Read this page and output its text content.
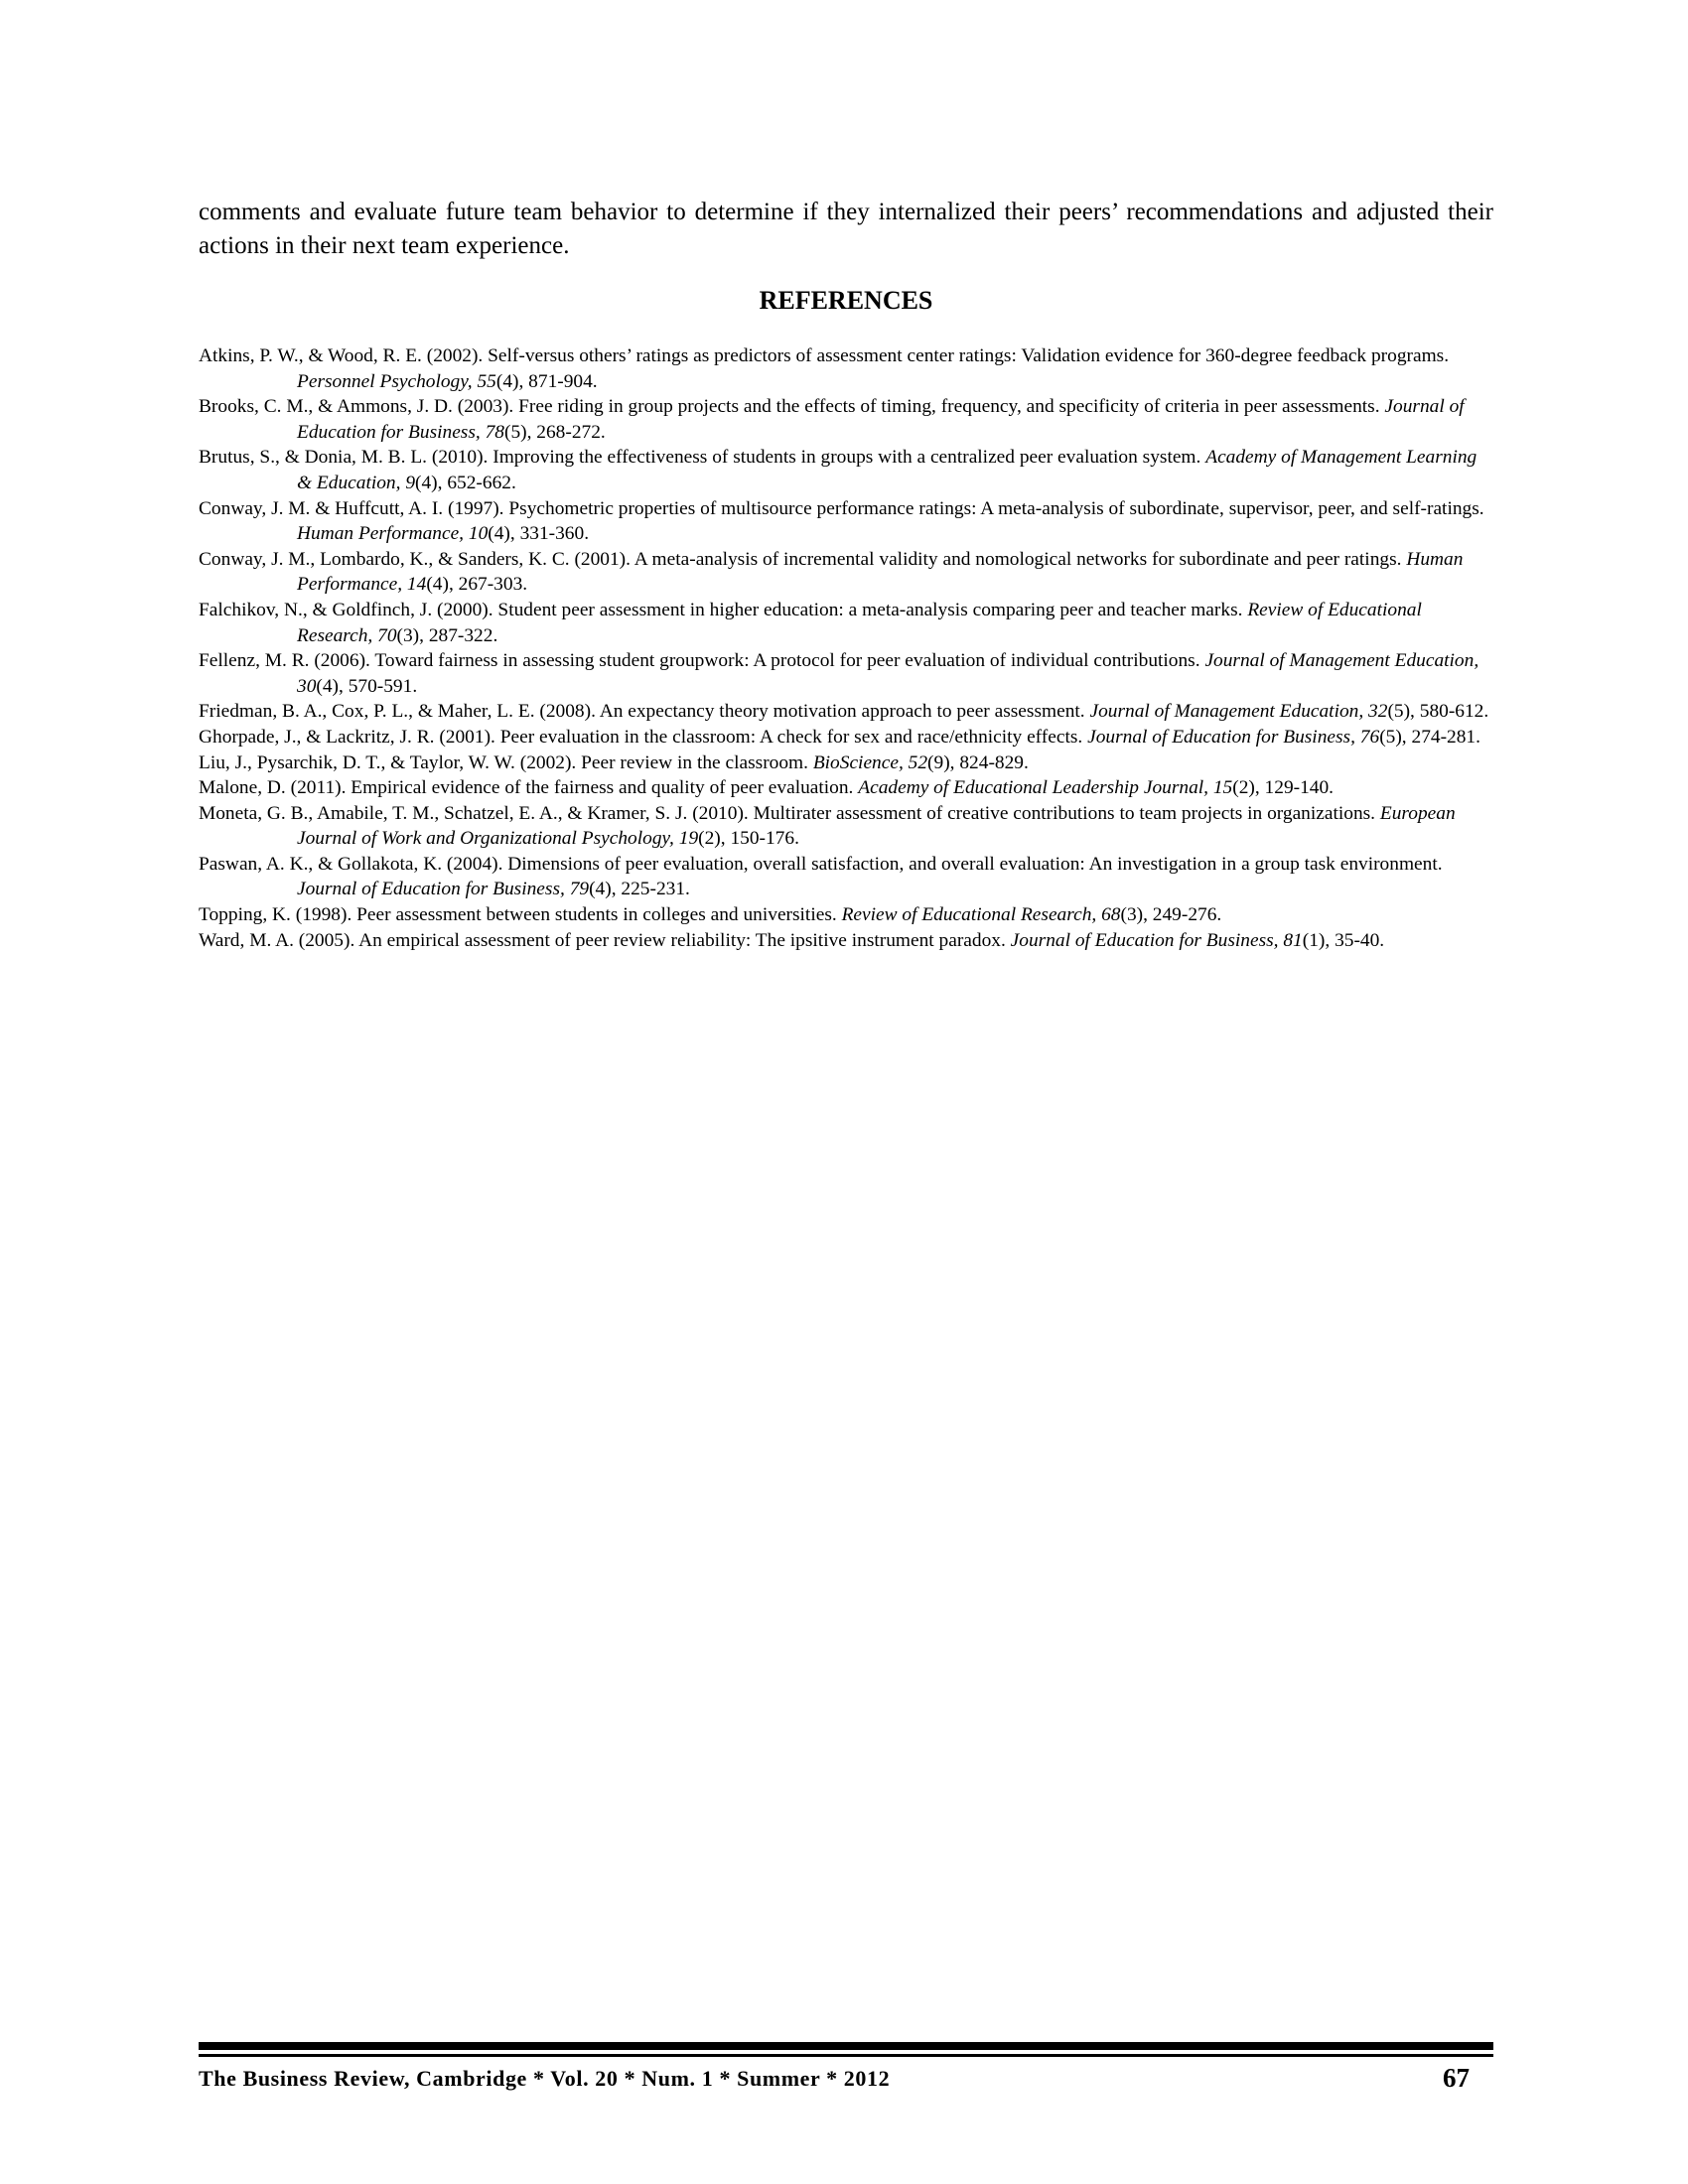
comments and evaluate future team behavior to determine if they internalized their peers’ recommendations and adjusted their actions in their next team experience.

REFERENCES
Atkins, P. W., & Wood, R. E. (2002). Self-versus others’ ratings as predictors of assessment center ratings: Validation evidence for 360-degree feedback programs. Personnel Psychology, 55(4), 871-904.
Brooks, C. M., & Ammons, J. D. (2003). Free riding in group projects and the effects of timing, frequency, and specificity of criteria in peer assessments. Journal of Education for Business, 78(5), 268-272.
Brutus, S., & Donia, M. B. L. (2010). Improving the effectiveness of students in groups with a centralized peer evaluation system. Academy of Management Learning & Education, 9(4), 652-662.
Conway, J. M. & Huffcutt, A. I. (1997). Psychometric properties of multisource performance ratings: A meta-analysis of subordinate, supervisor, peer, and self-ratings. Human Performance, 10(4), 331-360.
Conway, J. M., Lombardo, K., & Sanders, K. C. (2001). A meta-analysis of incremental validity and nomological networks for subordinate and peer ratings. Human Performance, 14(4), 267-303.
Falchikov, N., & Goldfinch, J. (2000). Student peer assessment in higher education: a meta-analysis comparing peer and teacher marks. Review of Educational Research, 70(3), 287-322.
Fellenz, M. R. (2006). Toward fairness in assessing student groupwork: A protocol for peer evaluation of individual contributions. Journal of Management Education, 30(4), 570-591.
Friedman, B. A., Cox, P. L., & Maher, L. E. (2008). An expectancy theory motivation approach to peer assessment. Journal of Management Education, 32(5), 580-612.
Ghorpade, J., & Lackritz, J. R. (2001). Peer evaluation in the classroom: A check for sex and race/ethnicity effects. Journal of Education for Business, 76(5), 274-281.
Liu, J., Pysarchik, D. T., & Taylor, W. W. (2002). Peer review in the classroom. BioScience, 52(9), 824-829.
Malone, D. (2011). Empirical evidence of the fairness and quality of peer evaluation. Academy of Educational Leadership Journal, 15(2), 129-140.
Moneta, G. B., Amabile, T. M., Schatzel, E. A., & Kramer, S. J. (2010). Multirater assessment of creative contributions to team projects in organizations. European Journal of Work and Organizational Psychology, 19(2), 150-176.
Paswan, A. K., & Gollakota, K. (2004). Dimensions of peer evaluation, overall satisfaction, and overall evaluation: An investigation in a group task environment. Journal of Education for Business, 79(4), 225-231.
Topping, K. (1998). Peer assessment between students in colleges and universities. Review of Educational Research, 68(3), 249-276.
Ward, M. A. (2005). An empirical assessment of peer review reliability: The ipsitive instrument paradox. Journal of Education for Business, 81(1), 35-40.
The Business Review, Cambridge * Vol. 20 * Num. 1 * Summer * 2012	67
